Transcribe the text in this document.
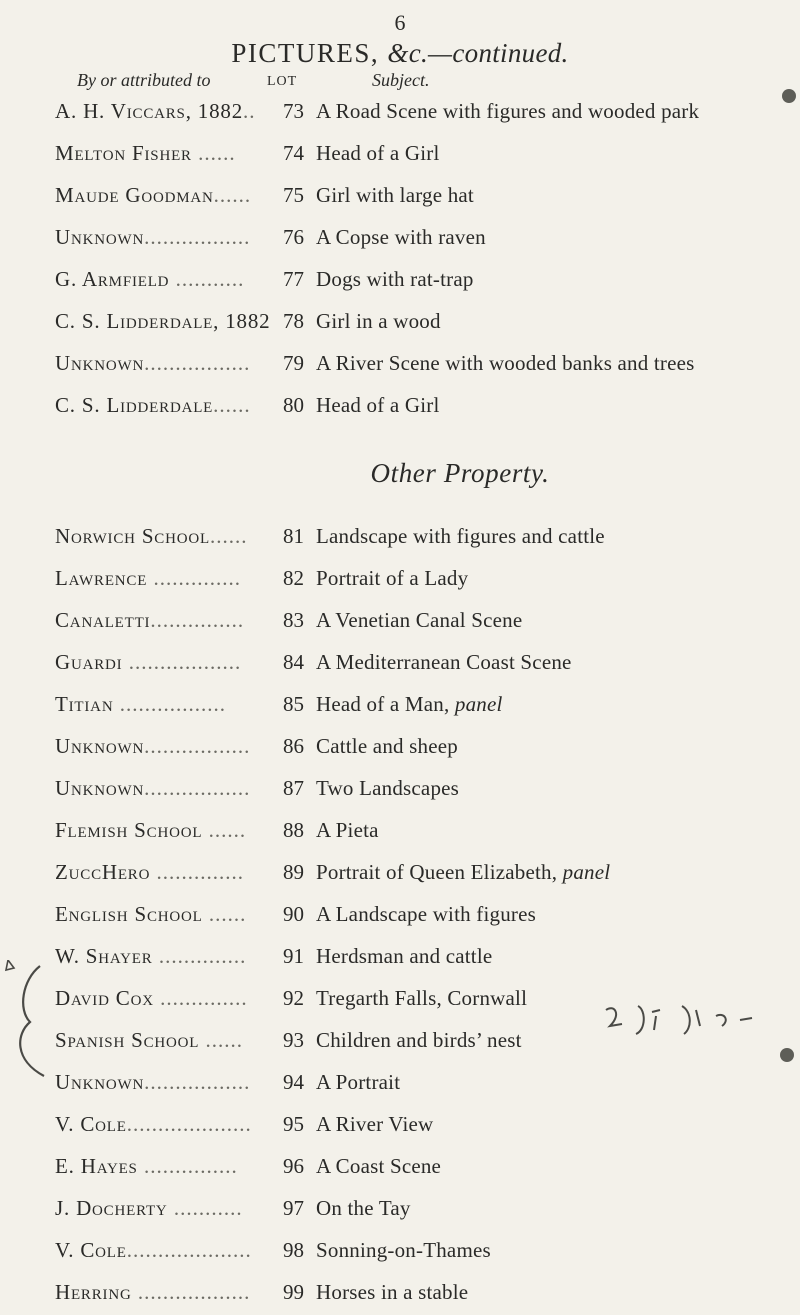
6
PICTURES, &c.—continued.
By or attributed to	LOT	Subject.
A. H. Viccars, 1882..	73 A Road Scene with figures and wooded park
Melton Fisher ......	74 Head of a Girl
Maude Goodman......	75 Girl with large hat
Unknown.................	76 A Copse with raven
G. Armfield ...........	77 Dogs with rat-trap
C. S. Lidderdale, 1882 78 Girl in a wood
Unknown.................	79 A River Scene with wooded banks and trees
C. S. Lidderdale......	80 Head of a Girl
Other Property.
Norwich School......	81 Landscape with figures and cattle
Lawrence ..............	82 Portrait of a Lady
Canaletti...............	83 A Venetian Canal Scene
Guardi ..................	84 A Mediterranean Coast Scene
Titian .................	85 Head of a Man, panel
Unknown.................	86 Cattle and sheep
Unknown.................	87 Two Landscapes
Flemish School ......	88 A Pieta
ZuccHero ..............	89 Portrait of Queen Elizabeth, panel
English School ......	90 A Landscape with figures
W. Shayer ..............	91 Herdsman and cattle
David Cox ..............	92 Tregarth Falls, Cornwall
Spanish School ......	93 Children and birds’ nest
Unknown.................	94 A Portrait
V. Cole....................	95 A River View
E. Hayes ...............	96 A Coast Scene
J. Docherty ...........	97 On the Tay
V. Cole....................	98 Sonning-on-Thames
Herring ..................	99 Horses in a stable
